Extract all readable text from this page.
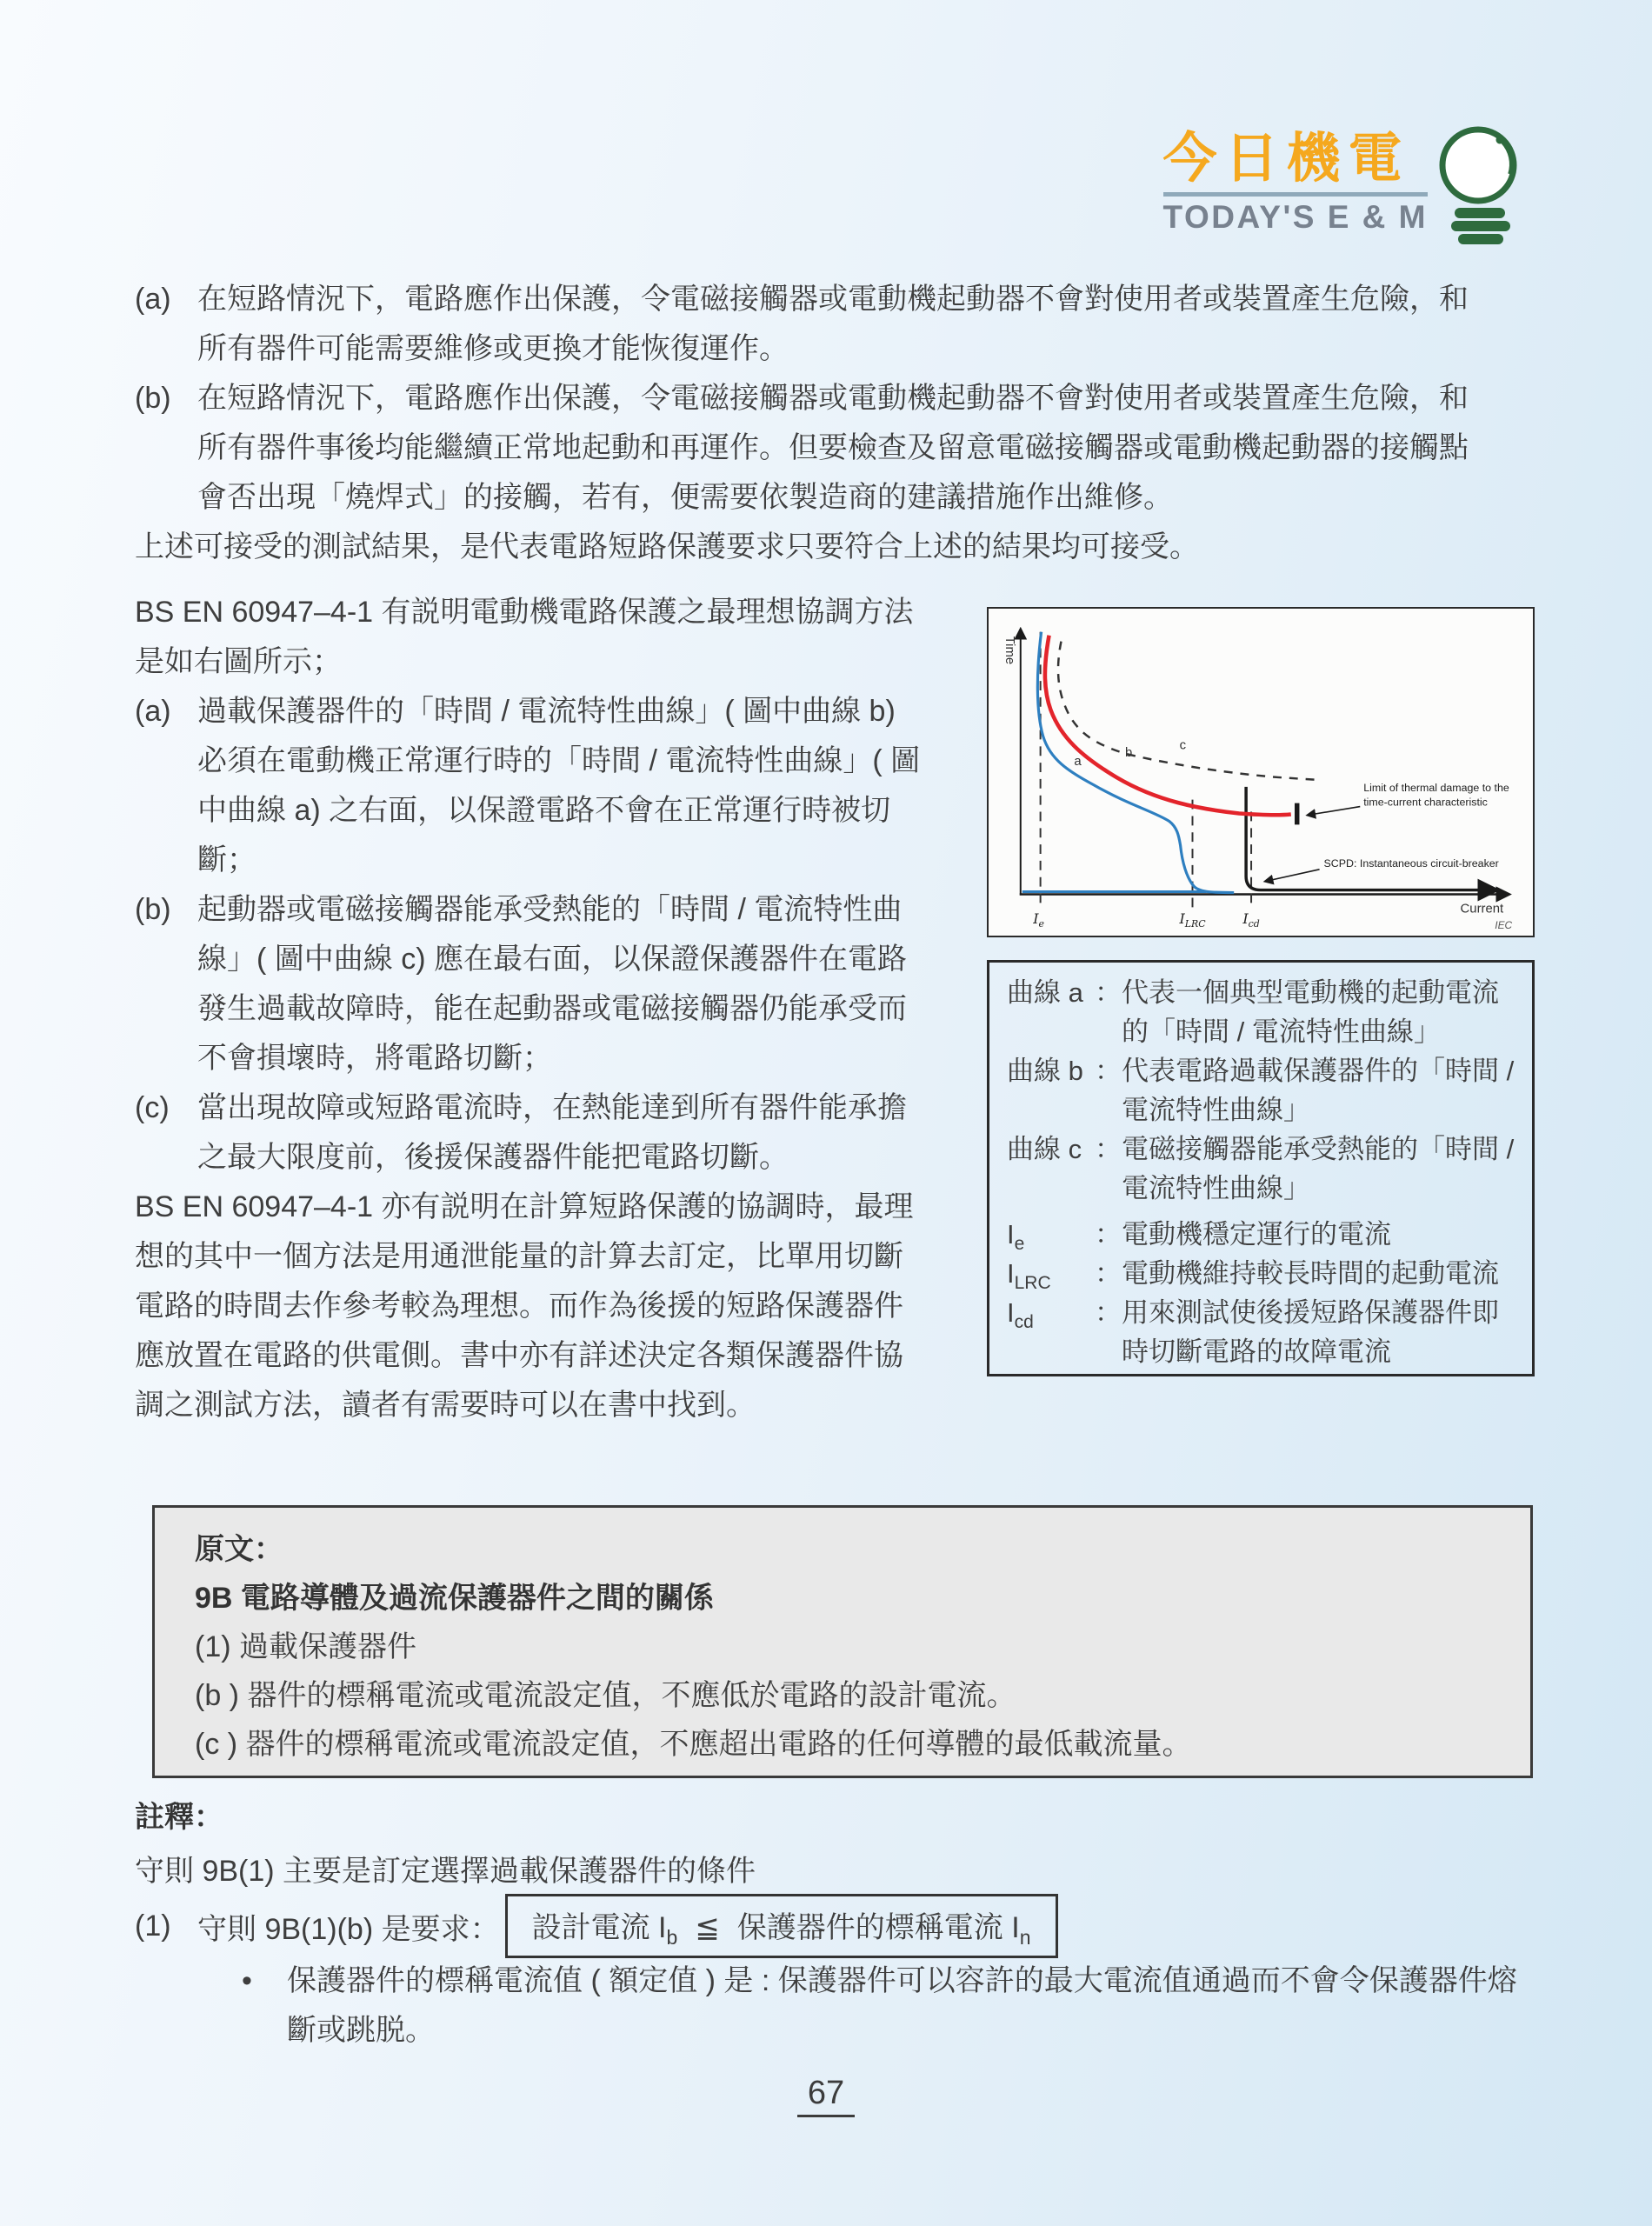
今日機電
TODAY'S E & M
(a) 在短路情況下，電路應作出保護，令電磁接觸器或電動機起動器不會對使用者或裝置產生危險，和所有器件可能需要維修或更換才能恢復運作。
(b) 在短路情況下，電路應作出保護，令電磁接觸器或電動機起動器不會對使用者或裝置產生危險，和所有器件事後均能繼續正常地起動和再運作。但要檢查及留意電磁接觸器或電動機起動器的接觸點會否出現「燒焊式」的接觸，若有，便需要依製造商的建議措施作出維修。
上述可接受的測試結果，是代表電路短路保護要求只要符合上述的結果均可接受。

BS EN 60947–4-1 有説明電動機電路保護之最理想協調方法是如右圖所示；

(a) 過載保護器件的「時間 / 電流特性曲線」( 圖中曲線 b) 必須在電動機正常運行時的「時間 / 電流特性曲線」( 圖中曲線 a) 之右面，以保證電路不會在正常運行時被切斷；
(b) 起動器或電磁接觸器能承受熱能的「時間 / 電流特性曲線」( 圖中曲線 c) 應在最右面，以保證保護器件在電路發生過載故障時，能在起動器或電磁接觸器仍能承受而不會損壞時，將電路切斷；
(c) 當出現故障或短路電流時，在熱能達到所有器件能承擔之最大限度前，後援保護器件能把電路切斷。

BS EN 60947–4-1 亦有説明在計算短路保護的協調時，最理想的其中一個方法是用通泄能量的計算去訂定，比單用切斷電路的時間去作參考較為理想。而作為後援的短路保護器件應放置在電路的供電側。書中亦有詳述決定各類保護器件協調之測試方法，讀者有需要時可以在書中找到。

Time
Current
IEC
$I_e$	$I_{LRC}$	$I_{cd}$
a
b
c
Limit of thermal damage to the
time-current characteristic
SCPD: Instantaneous circuit-breaker
曲線 a ： 代表一個典型電動機的起動電流的「時間 / 電流特性曲線」
曲線 b ： 代表電路過載保護器件的「時間 / 電流特性曲線」
曲線 c ： 電磁接觸器能承受熱能的「時間 / 電流特性曲線」
$I_e$	： 電動機穩定運行的電流
$I_{LRC}$ ： 電動機維持較長時間的起動電流
$I_{cd}$ ： 用來測試使後援短路保護器件即時切斷電路的故障電流
原文：
9B 電路導體及過流保護器件之間的關係
(1) 過載保護器件
(b ) 器件的標稱電流或電流設定值，不應低於電路的設計電流。
(c ) 器件的標稱電流或電流設定值，不應超出電路的任何導體的最低載流量。
註釋：
守則 9B(1) 主要是訂定選擇過載保護器件的條件
(1) 守則 9B(1)(b) 是要求： 設計電流 $I_b$ ≦ 保護器件的標稱電流 $I_n$
•	保護器件的標稱電流值 ( 額定值 ) 是 : 保護器件可以容許的最大電流值通過而不會令保護器件熔斷或跳脱。
67
